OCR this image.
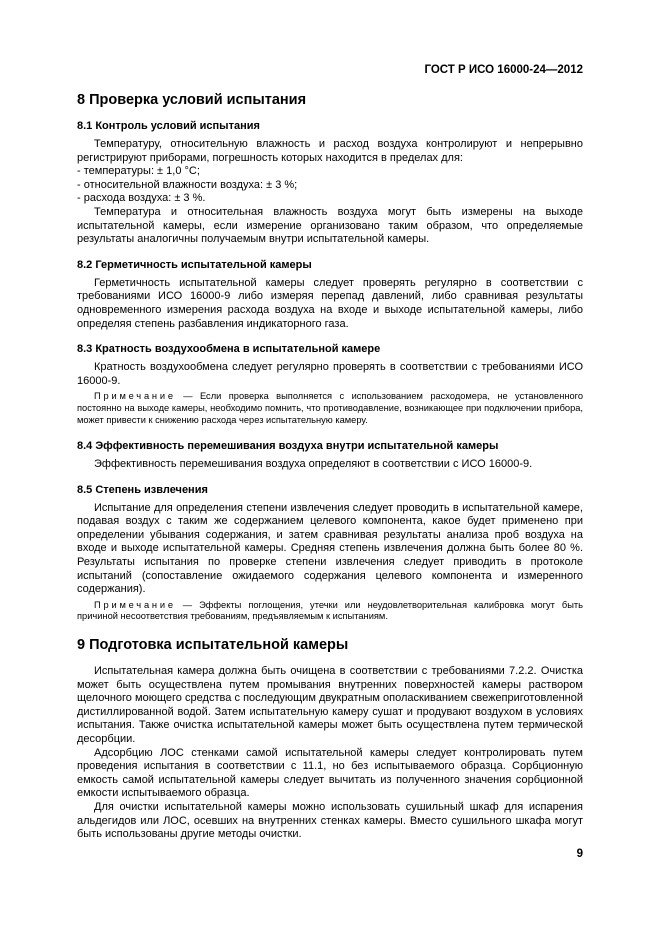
ГОСТ Р ИСО 16000-24—2012
8 Проверка условий испытания
8.1 Контроль условий испытания

Температуру, относительную влажность и расход воздуха контролируют и непрерывно регистрируют приборами, погрешность которых находится в пределах для:

- температуры: ± 1,0 °С;

- относительной влажности воздуха: ± 3 %;

- расхода воздуха: ± 3 %.

Температура и относительная влажность воздуха могут быть измерены на выходе испытательной камеры, если измерение организовано таким образом, что определяемые результаты аналогичны получаемым внутри испытательной камеры.

8.2 Герметичность испытательной камеры

Герметичность испытательной камеры следует проверять регулярно в соответствии с требованиями ИСО 16000-9 либо измеряя перепад давлений, либо сравнивая результаты одновременного измерения расхода воздуха на входе и выходе испытательной камеры, либо определяя степень разбавления индикаторного газа.

8.3 Кратность воздухообмена в испытательной камере

Кратность воздухообмена следует регулярно проверять в соответствии с требованиями ИСО 16000-9.

Примечание — Если проверка выполняется с использованием расходомера, не установленного постоянно на выходе камеры, необходимо помнить, что противодавление, возникающее при подключении прибора, может привести к снижению расхода через испытательную камеру.
8.4 Эффективность перемешивания воздуха внутри испытательной камеры

Эффективность перемешивания воздуха определяют в соответствии с ИСО 16000-9.

8.5 Степень извлечения

Испытание для определения степени извлечения следует проводить в испытательной камере, подавая воздух с таким же содержанием целевого компонента, какое будет применено при определении убывания содержания, и затем сравнивая результаты анализа проб воздуха на входе и выходе испытательной камеры. Средняя степень извлечения должна быть более 80 %. Результаты испытания по проверке степени извлечения следует приводить в протоколе испытаний (сопоставление ожидаемого содержания целевого компонента и измеренного содержания).

Примечание — Эффекты поглощения, утечки или неудовлетворительная калибровка могут быть причиной несоответствия требованиям, предъявляемым к испытаниям.
9 Подготовка испытательной камеры

Испытательная камера должна быть очищена в соответствии с требованиями 7.2.2. Очистка может быть осуществлена путем промывания внутренних поверхностей камеры раствором щелочного моющего средства с последующим двукратным ополаскиванием свежеприготовленной дистиллированной водой. Затем испытательную камеру сушат и продувают воздухом в условиях испытания. Также очистка испытательной камеры может быть осуществлена путем термической десорбции.

Адсорбцию ЛОС стенками самой испытательной камеры следует контролировать путем проведения испытания в соответствии с 11.1, но без испытываемого образца. Сорбционную емкость самой испытательной камеры следует вычитать из полученного значения сорбционной емкости испытываемого образца.

Для очистки испытательной камеры можно использовать сушильный шкаф для испарения альдегидов или ЛОС, осевших на внутренних стенках камеры. Вместо сушильного шкафа могут быть использованы другие методы очистки.

9
